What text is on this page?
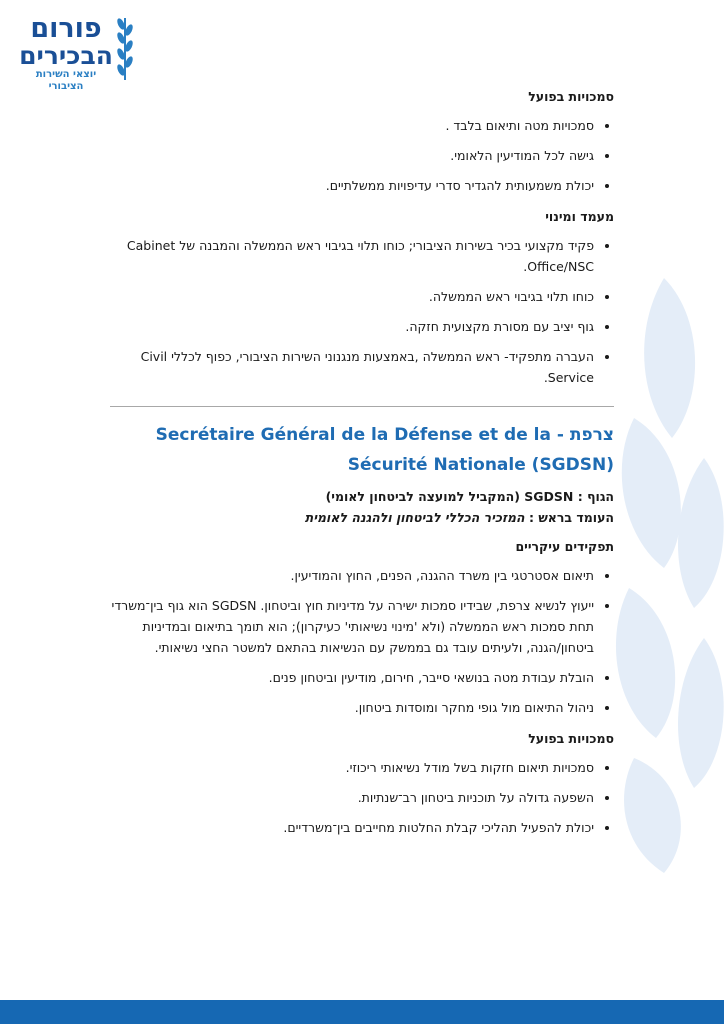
פורום
הבכירים
יוצאי השירות הציבורי
סמכויות בפועל
• סמכויות מטה ותיאום בלבד .
• גישה לכל המודיעין הלאומי.
• יכולת משמעותית להגדיר סדרי עדיפויות ממשלתיים.
מעמד ומינוי
• פקיד מקצועי בכיר בשירות הציבורי; כוחו תלוי בגיבוי ראש הממשלה והמבנה של Cabinet Office/NSC.
• כוחו תלוי בגיבוי ראש הממשלה.
• גוף יציב עם מסורת מקצועית חזקה.
• העברה מתפקיד- ראש הממשלה ,באמצעות מנגנוני השירות הציבורי, כפוף לכללי Civil Service.
צרפת - Secrétaire Général de la Défense et de la
Sécurité Nationale (SGDSN)
הגוף : SGDSN (המקביל למועצה לביטחון לאומי)
העומד בראש : המזכיר הכללי לביטחון ולהגנה לאומית
תפקידים עיקריים
• תיאום אסטרטגי בין משרד ההגנה, הפנים, החוץ והמודיעין.
• ייעוץ לנשיא צרפת, שבידיו סמכות ישירה על מדיניות חוץ וביטחון. SGDSN הוא גוף בין־משרדי תחת סמכות ראש הממשלה (ולא 'מינוי נשיאותי' כעיקרון); הוא תומך בתיאום ובמדיניות ביטחון/הגנה, ולעיתים עובד גם בממשק עם הנשיאות בהתאם למשטר החצי נשיאותי.
• הובלת עבודת מטה בנושאי סייבר, חירום, מודיעין וביטחון פנים.
• ניהול התיאום מול גופי מחקר ומוסדות ביטחון.
סמכויות בפועל
• סמכויות תיאום חזקות בשל מודל נשיאותי ריכוזי.
• השפעה גדולה על תוכניות ביטחון רב־שנתיות.
• יכולת להפעיל תהליכי קבלת החלטות מחייבים בין־משרדיים.
